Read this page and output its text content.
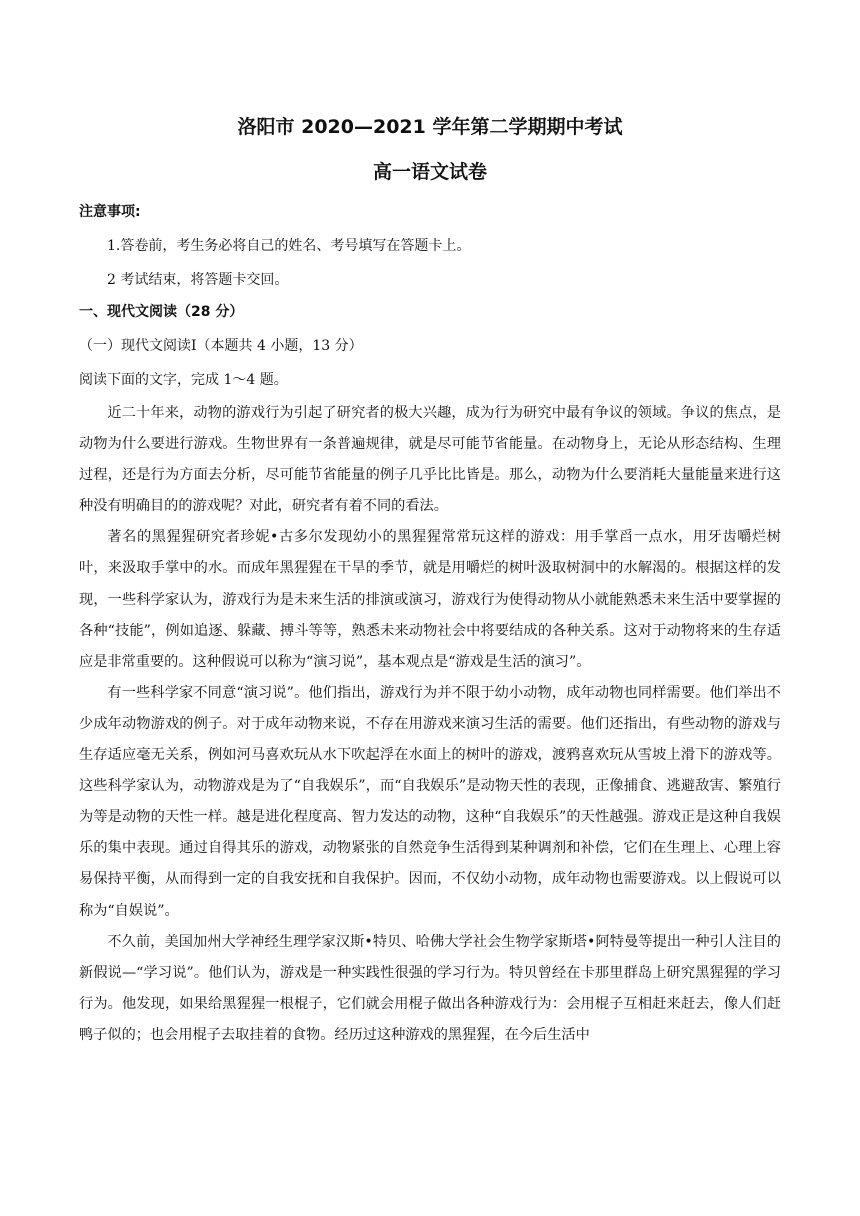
洛阳市 2020—2021 学年第二学期期中考试
高一语文试卷
注意事项:
1.答卷前，考生务必将自己的姓名、考号填写在答题卡上。
2 考试结束，将答题卡交回。
一、现代文阅读（28 分）
（一）现代文阅读Ⅰ（本题共 4 小题，13 分）
阅读下面的文字，完成 1～4 题。

近二十年来，动物的游戏行为引起了研究者的极大兴趣，成为行为研究中最有争议的领域。争议的焦点，是动物为什么要进行游戏。生物世界有一条普遍规律，就是尽可能节省能量。在动物身上，无论从形态结构、生理过程，还是行为方面去分析，尽可能节省能量的例子几乎比比皆是。那么，动物为什么要消耗大量能量来进行这种没有明确目的的游戏呢？对此，研究者有着不同的看法。

著名的黑猩猩研究者珍妮•古多尔发现幼小的黑猩猩常常玩这样的游戏：用手掌舀一点水，用牙齿嚼烂树叶，来汲取手掌中的水。而成年黑猩猩在干旱的季节，就是用嚼烂的树叶汲取树洞中的水解渴的。根据这样的发现，一些科学家认为，游戏行为是未来生活的排演或演习，游戏行为使得动物从小就能熟悉未来生活中要掌握的各种“技能”，例如追逐、躲藏、搏斗等等，熟悉未来动物社会中将要结成的各种关系。这对于动物将来的生存适应是非常重要的。这种假说可以称为“演习说”，基本观点是“游戏是生活的演习”。

有一些科学家不同意“演习说”。他们指出，游戏行为并不限于幼小动物，成年动物也同样需要。他们举出不少成年动物游戏的例子。对于成年动物来说，不存在用游戏来演习生活的需要。他们还指出，有些动物的游戏与生存适应毫无关系，例如河马喜欢玩从水下吹起浮在水面上的树叶的游戏，渡鸦喜欢玩从雪坡上滑下的游戏等。这些科学家认为，动物游戏是为了“自我娱乐”，而“自我娱乐”是动物天性的表现，正像捕食、逃避敌害、繁殖行为等是动物的天性一样。越是进化程度高、智力发达的动物，这种“自我娱乐”的天性越强。游戏正是这种自我娱乐的集中表现。通过自得其乐的游戏，动物紧张的自然竞争生活得到某种调剂和补偿，它们在生理上、心理上容易保持平衡，从而得到一定的自我安抚和自我保护。因而，不仅幼小动物，成年动物也需要游戏。以上假说可以称为“自娱说”。

不久前，美国加州大学神经生理学家汉斯•特贝、哈佛大学社会生物学家斯塔•阿特曼等提出一种引人注目的新假说—“学习说”。他们认为，游戏是一种实践性很强的学习行为。特贝曾经在卡那里群岛上研究黑猩猩的学习行为。他发现，如果给黑猩猩一根棍子，它们就会用棍子做出各种游戏行为：会用棍子互相赶来赶去，像人们赶鸭子似的；也会用棍子去取挂着的食物。经历过这种游戏的黑猩猩，在今后生活中
